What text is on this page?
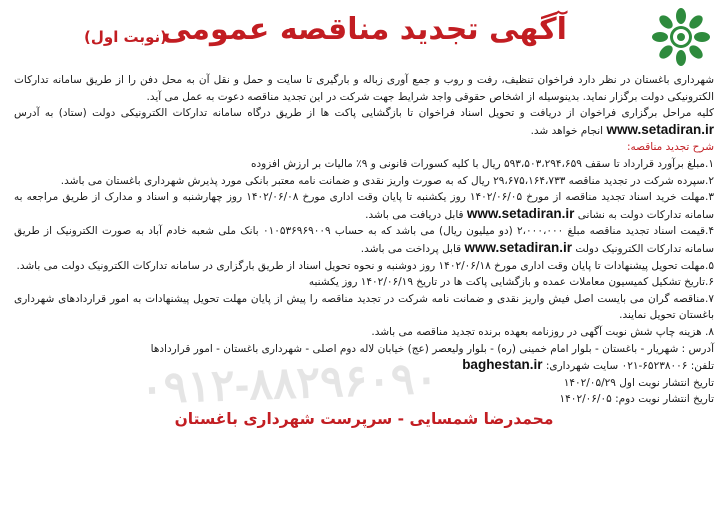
آگهی تجدید مناقصه عمومی
(نوبت اول)

شهرداری باغستان در نظر دارد فراخوان تنظیف، رفت و روب و جمع آوری زباله و بارگیری تا سایت و حمل و نقل آن به محل دفن را از طریق سامانه تدارکات الکترونیکی دولت برگزار نماید. بدینوسیله از اشخاص حقوقی واجد شرایط جهت شرکت در این تجدید مناقصه دعوت به عمل می آید.

کلیه مراحل برگزاری فراخوان از دریافت و تحویل اسناد فراخوان تا بازگشایی پاکت ها از طریق درگاه سامانه تدارکات الکترونیکی دولت (ستاد) به آدرس www.setadiran.ir انجام خواهد شد.

شرح تجدید مناقصه:

۱.مبلغ برآورد قرارداد تا سقف ۵۹۳،۵۰۳،۲۹۴،۶۵۹ ریال با کلیه کسورات قانونی و ۹٪ مالیات بر ارزش افزوده

۲.سپرده شرکت در تجدید مناقصه ۲۹،۶۷۵،۱۶۴،۷۳۳ ریال که به صورت واریز نقدی و ضمانت نامه معتبر بانکی مورد پذیرش شهرداری باغستان می باشد.

۳.مهلت خرید اسناد تجدید مناقصه از مورخ ۱۴۰۲/۰۶/۰۵ روز یکشنبه تا پایان وقت اداری مورخ ۱۴۰۲/۰۶/۰۸ روز چهارشنبه و اسناد و مدارک از طریق مراجعه به سامانه تدارکات دولت به نشانی www.setadiran.ir قابل دریافت می باشد.

۴.قیمت اسناد تجدید مناقصه مبلغ ۲،۰۰۰،۰۰۰ (دو میلیون ریال) می باشد که به حساب ۰۱۰۵۳۶۹۶۹۰۰۹ بانک ملی شعبه خادم آباد به صورت الکترونیک از طریق سامانه تدارکات الکترونیک دولت www.setadiran.ir قابل پرداخت می باشد.

۵.مهلت تحویل پیشنهادات تا پایان وقت اداری مورخ ۱۴۰۲/۰۶/۱۸ روز دوشنبه و نحوه تحویل اسناد از طریق بارگزاری در سامانه تدارکات الکترونیک دولت می باشد.

۶.تاریخ تشکیل کمیسیون معاملات عمده و بازگشایی پاکت ها در تاریخ ۱۴۰۲/۰۶/۱۹ روز یکشنبه

۷.مناقصه گران می بایست اصل فیش واریز نقدی و ضمانت نامه شرکت در تجدید مناقصه را پیش از پایان مهلت تحویل پیشنهادات به امور قراردادهای شهرداری باغستان تحویل نمایند.

۸. هزینه چاپ شش نوبت آگهی در روزنامه بعهده برنده تجدید مناقصه می باشد.

آدرس : شهریار - باغستان - بلوار امام خمینی (ره) - بلوار ولیعصر (عج) خیابان لاله دوم اصلی - شهرداری باغستان - امور قراردادها

تلفن: ۶۵۲۳۸۰۰۶-۰۲۱ سایت شهرداری: baghestan.ir

تاریخ انتشار نوبت اول ۱۴۰۲/۰۵/۲۹

تاریخ انتشار نوبت دوم: ۱۴۰۲/۰۶/۰۵

محمدرضا شمسایی - سرپرست شهرداری باغستان
۰۹۱۲-۸۸۲۹۶۰۹۰
